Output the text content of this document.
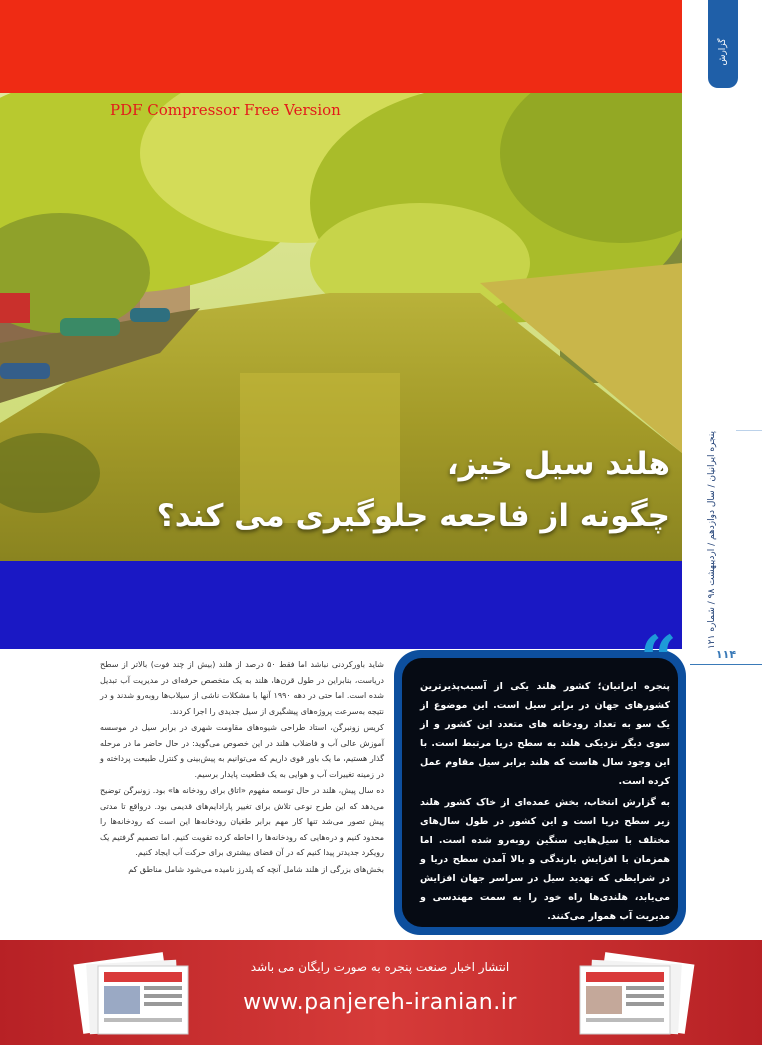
PDF Compressor Free Version
هلند سیل خیز،
چگونه از فاجعه جلوگیری می کند؟
گزارش
پنجره ایرانیان / سال دوازدهم / اردیبهشت ۹۸ / شماره ۱۲۱
۱۱۴

شاید باورکردنی نباشد اما فقط ۵۰ درصد از هلند (بیش از چند فوت) بالاتر از سطح دریاست، بنابراین در طول قرن‌ها، هلند به یک متخصص حرفه‌ای در مدیریت آب تبدیل شده است. اما حتی در دهه ۱۹۹۰ آنها با مشکلات ناشی از سیلاب‌ها روبه‌رو شدند و در نتیجه به‌سرعت پروژه‌های پیشگیری از سیل جدیدی را اجرا کردند.

کریس زونبرگن، استاد طراحی شیوه‌های مقاومت شهری در برابر سیل در موسسه آموزش عالی آب و فاضلاب هلند در این خصوص می‌گوید: در حال حاضر ما در مرحله گذار هستیم، ما یک باور قوی داریم که می‌توانیم به پیش‌بینی و کنترل طبیعت پرداخته و در زمینه تغییرات آب و هوایی به یک قطعیت پایدار برسیم.

ده سال پیش، هلند در حال توسعه مفهوم «اتاق برای رودخانه ها» بود. زونبرگن توضیح می‌دهد که این طرح نوعی تلاش برای تغییر پارادایم‌های قدیمی بود. درواقع تا مدتی پیش تصور می‌شد تنها کار مهم برابر طغیان رودخانه‌ها این است که رودخانه‌ها را محدود کنیم و دره‌هایی که رودخانه‌ها را احاطه کرده تقویت کنیم. اما تصمیم گرفتیم یک رویکرد جدیدتر پیدا کنیم که در آن فضای بیشتری برای حرکت آب ایجاد کنیم.

بخش‌های بزرگی از هلند شامل آنچه که پلدرز نامیده می‌شود شامل مناطق کم

“

پنجره ایرانیان؛ کشور هلند یکی از آسیب‌پذیرترین کشورهای جهان در برابر سیل است. این موضوع از یک سو به تعداد رودخانه های متعدد این کشور و از سوی دیگر نزدیکی هلند به سطح دریا مرتبط است. با این وجود سال هاست که هلند برابر سیل مقاوم عمل کرده است.

به گزارش انتخاب، بخش عمده‌ای از خاک کشور هلند زیر سطح دریا است و این کشور در طول سال‌های مختلف با سیل‌هایی سنگین روبه‌رو شده است. اما همزمان با افزایش بارندگی و بالا آمدن سطح دریا و در شرایطی که تهدید سیل در سراسر جهان افزایش می‌یابد، هلندی‌ها راه خود را به سمت مهندسی و مدیریت آب هموار می‌کنند.

انتشار اخبار صنعت پنجره به صورت رایگان می باشد
www.panjereh-iranian.ir
